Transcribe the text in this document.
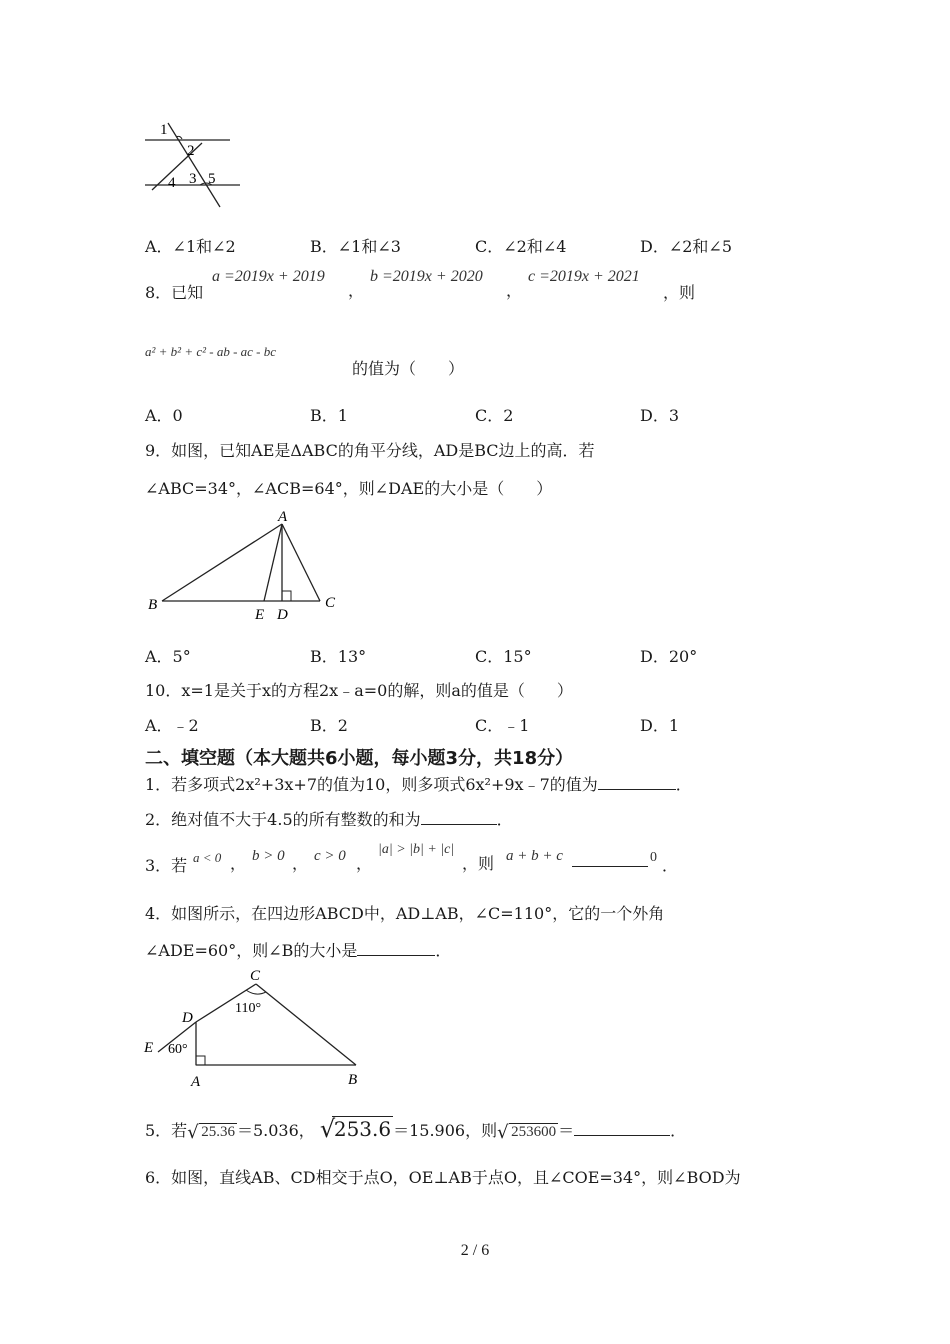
1
2
3
4 5
A．∠1和∠2	B．∠1和∠3	C．∠2和∠4	D．∠2和∠5
8．已知
a =2019x + 2019
，
b =2019x + 2020
，
c =2019x + 2021
，则
a² + b² + c² - ab - ac - bc
的值为（　　）
A．0	B．1	C．2	D．3
9．如图，已知AE是ΔABC的角平分线，AD是BC边上的高．若
∠ABC=34°，∠ACB=64°，则∠DAE的大小是（　　）
A
B	C
E D
A．5°	B．13°	C．15°	D．20°
10．x=1是关于x的方程2x﹣a=0的解，则a的值是（　　）
A．﹣2	B．2	C．﹣1	D．1
二、填空题（本大题共6小题，每小题3分，共18分）
1．若多项式2x²+3x+7的值为10，则多项式6x²+9x﹣7的值为	．
2．绝对值不大于4.5的所有整数的和为	．
3．若 a < 0 ， b > 0 ， c > 0 ，
|a| > |b| + |c|
，则 a + b + c	0 ．
4．如图所示，在四边形ABCD中，AD⊥AB，∠C=110°，它的一个外角
∠ADE=60°，则∠B的大小是	．
C
D
E
A	B
110°
60°
5．若 √ 25.36 ＝5.036， √
253.6 ＝15.906，则 √ 253600 ＝	．
6．如图，直线AB、CD相交于点O，OE⊥AB于点O，且∠COE=34°，则∠BOD为
2 / 6
